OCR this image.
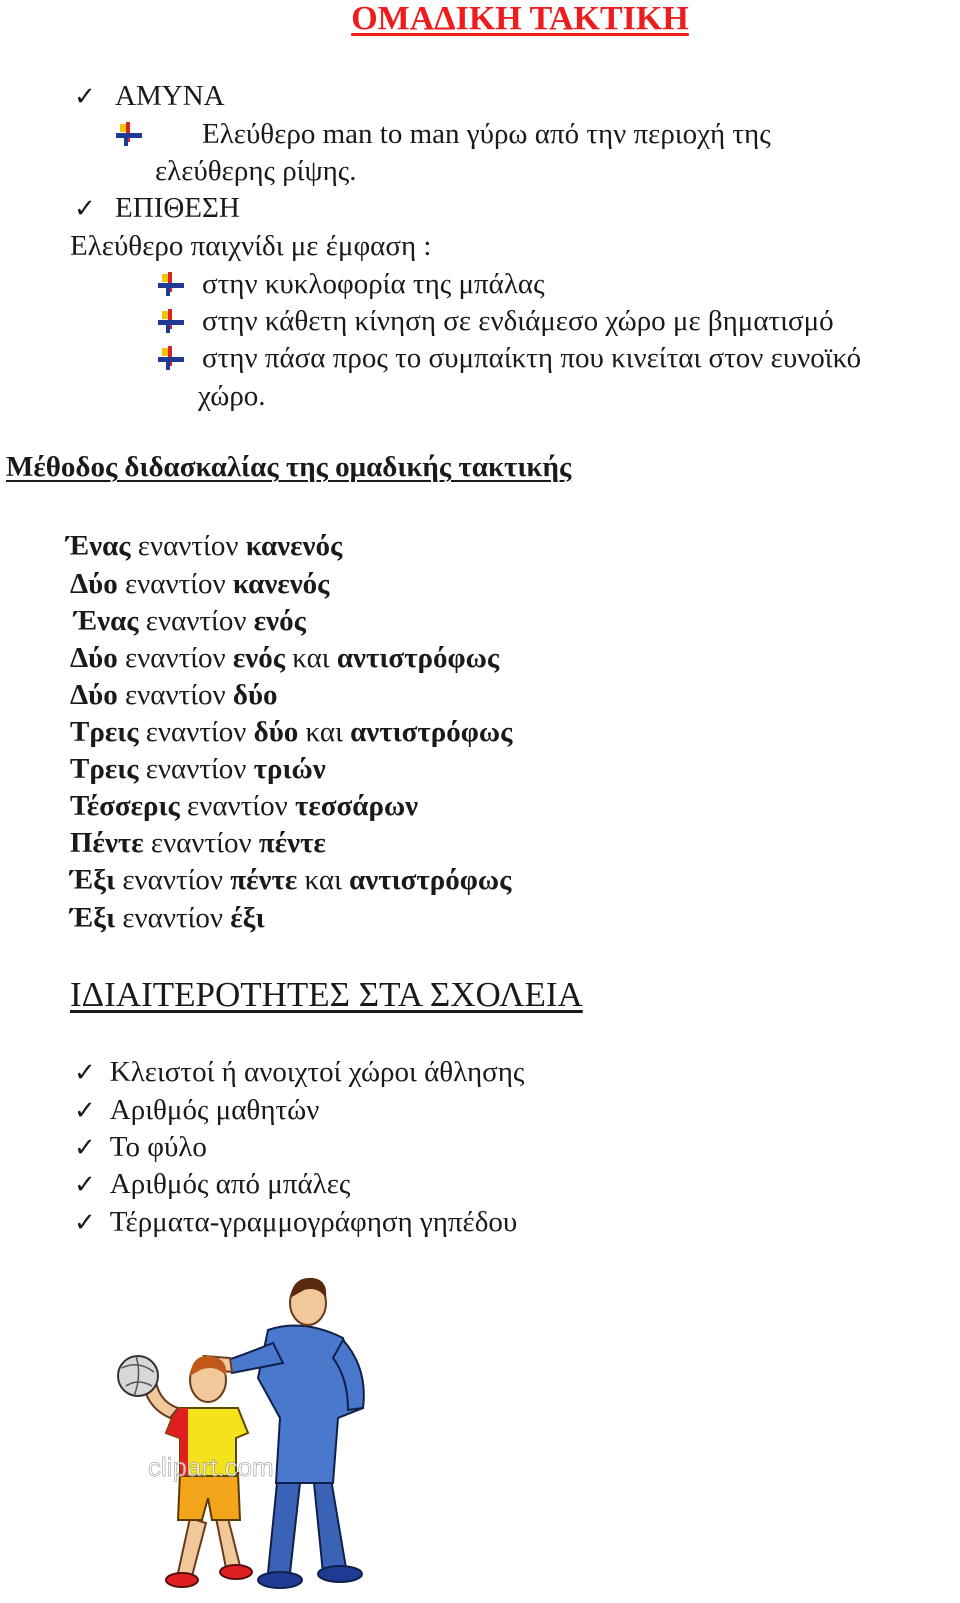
ΟΜΑΔΙΚΗ ΤΑΚΤΙΚΗ
✓ ΑΜΥΝΑ
Ελεύθερο man to man γύρω από την περιοχή της
ελεύθερης ρίψης.
✓ ΕΠΙΘΕΣΗ
Ελεύθερο παιχνίδι με έμφαση :
στην κυκλοφορία της μπάλας
στην κάθετη κίνηση σε ενδιάμεσο χώρο με βηματισμό
στην πάσα προς το συμπαίκτη που κινείται στον ευνοϊκό
χώρο.
Μέθοδος διδασκαλίας της ομαδικής τακτικής
Ένας εναντίον κανενός
Δύο εναντίον κανενός
Ένας εναντίον ενός
Δύο εναντίον ενός και αντιστρόφως
Δύο εναντίον δύο
Τρεις εναντίον δύο και αντιστρόφως
Τρεις εναντίον τριών
Τέσσερις εναντίον τεσσάρων
Πέντε εναντίον πέντε
Έξι εναντίον πέντε και αντιστρόφως
Έξι εναντίον έξι
ΙΔΙΑΙΤΕΡΟΤΗΤΕΣ ΣΤΑ ΣΧΟΛΕΙΑ
✓ Κλειστοί ή ανοιχτοί χώροι άθλησης
✓ Αριθμός μαθητών
✓ Το φύλο
✓ Αριθμός από μπάλες
✓ Τέρματα-γραμμογράφηση γηπέδου
clipart.com
